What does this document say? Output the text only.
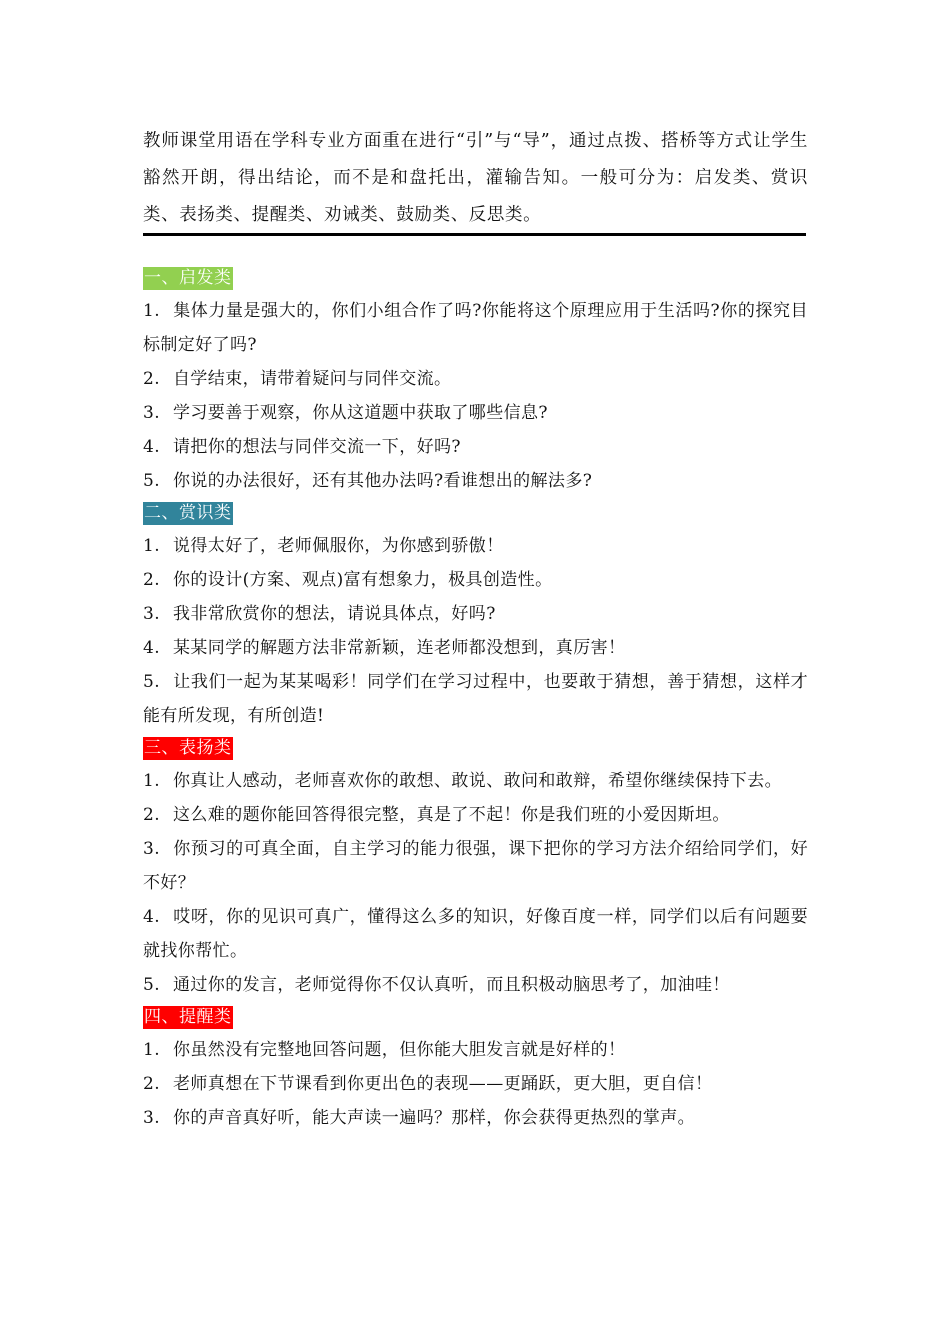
教师课堂用语在学科专业方面重在进行“引”与“导”，通过点拨、搭桥等方式让学生豁然开朗，得出结论，而不是和盘托出，灌输告知。一般可分为：启发类、赏识类、表扬类、提醒类、劝诫类、鼓励类、反思类。

一、启发类

1. 集体力量是强大的，你们小组合作了吗?你能将这个原理应用于生活吗?你的探究目标制定好了吗?

2. 自学结束，请带着疑问与同伴交流。

3. 学习要善于观察，你从这道题中获取了哪些信息?

4. 请把你的想法与同伴交流一下，好吗?

5. 你说的办法很好，还有其他办法吗?看谁想出的解法多?

二、赏识类

1. 说得太好了，老师佩服你，为你感到骄傲！

2. 你的设计(方案、观点)富有想象力，极具创造性。

3. 我非常欣赏你的想法，请说具体点，好吗?

4. 某某同学的解题方法非常新颖，连老师都没想到，真厉害！

5. 让我们一起为某某喝彩！同学们在学习过程中，也要敢于猜想，善于猜想，这样才能有所发现，有所创造!

三、表扬类

1. 你真让人感动，老师喜欢你的敢想、敢说、敢问和敢辩，希望你继续保持下去。

2. 这么难的题你能回答得很完整，真是了不起！你是我们班的小爱因斯坦。

3. 你预习的可真全面，自主学习的能力很强，课下把你的学习方法介绍给同学们，好不好？

4. 哎呀，你的见识可真广，懂得这么多的知识，好像百度一样，同学们以后有问题要就找你帮忙。

5. 通过你的发言，老师觉得你不仅认真听，而且积极动脑思考了，加油哇！

四、提醒类

1. 你虽然没有完整地回答问题，但你能大胆发言就是好样的！

2. 老师真想在下节课看到你更出色的表现——更踊跃，更大胆，更自信！

3. 你的声音真好听，能大声读一遍吗？那样，你会获得更热烈的掌声。
